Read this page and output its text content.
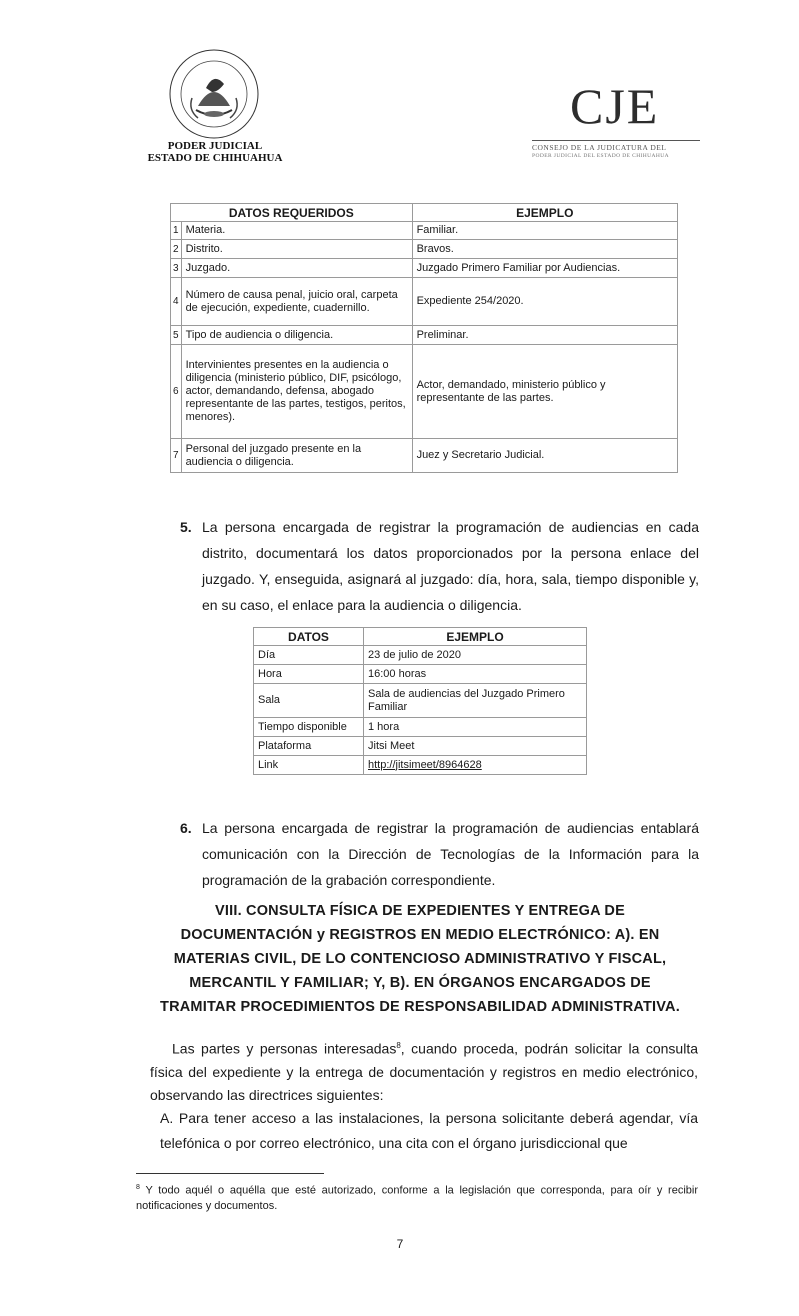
PODER JUDICIAL
ESTADO DE CHIHUAHUA
CJE
CONSEJO DE LA JUDICATURA DEL
PODER JUDICIAL DEL ESTADO DE CHIHUAHUA
DATOS REQUERIDOS		EJEMPLO
1	Materia.	Familiar.
2	Distrito.	Bravos.
3	Juzgado.	Juzgado Primero Familiar por Audiencias.
4	Número de causa penal, juicio oral, carpeta de ejecución, expediente, cuadernillo.	Expediente 254/2020.
5	Tipo de audiencia o diligencia.	Preliminar.
6	Intervinientes presentes en la audiencia o diligencia (ministerio público, DIF, psicólogo, actor, demandando, defensa, abogado representante de las partes, testigos, peritos, menores).	Actor, demandado, ministerio público y representante de las partes.
7	Personal del juzgado presente en la audiencia o diligencia.	Juez y Secretario Judicial.
5. La persona encargada de registrar la programación de audiencias en cada distrito, documentará los datos proporcionados por la persona enlace del juzgado. Y, enseguida, asignará al juzgado: día, hora, sala, tiempo disponible y, en su caso, el enlace para la audiencia o diligencia.
DATOS	EJEMPLO
Día	23 de julio de 2020
Hora	16:00 horas
Sala	Sala de audiencias del Juzgado Primero Familiar
Tiempo disponible	1 hora
Plataforma	Jitsi Meet
Link	http://jitsimeet/8964628
6. La persona encargada de registrar la programación de audiencias entablará comunicación con la Dirección de Tecnologías de la Información para la programación de la grabación correspondiente.
VIII. CONSULTA FÍSICA DE EXPEDIENTES Y ENTREGA DE DOCUMENTACIÓN y REGISTROS EN MEDIO ELECTRÓNICO: A). EN MATERIAS CIVIL, DE LO CONTENCIOSO ADMINISTRATIVO Y FISCAL, MERCANTIL Y FAMILIAR; Y, B). EN ÓRGANOS ENCARGADOS DE TRAMITAR PROCEDIMIENTOS DE RESPONSABILIDAD ADMINISTRATIVA.
Las partes y personas interesadas$^8$, cuando proceda, podrán solicitar la consulta física del expediente y la entrega de documentación y registros en medio electrónico, observando las directrices siguientes:
A. Para tener acceso a las instalaciones, la persona solicitante deberá agendar, vía telefónica o por correo electrónico, una cita con el órgano jurisdiccional que
$^8$ Y todo aquél o aquélla que esté autorizado, conforme a la legislación que corresponda, para oír y recibir notificaciones y documentos.
7
